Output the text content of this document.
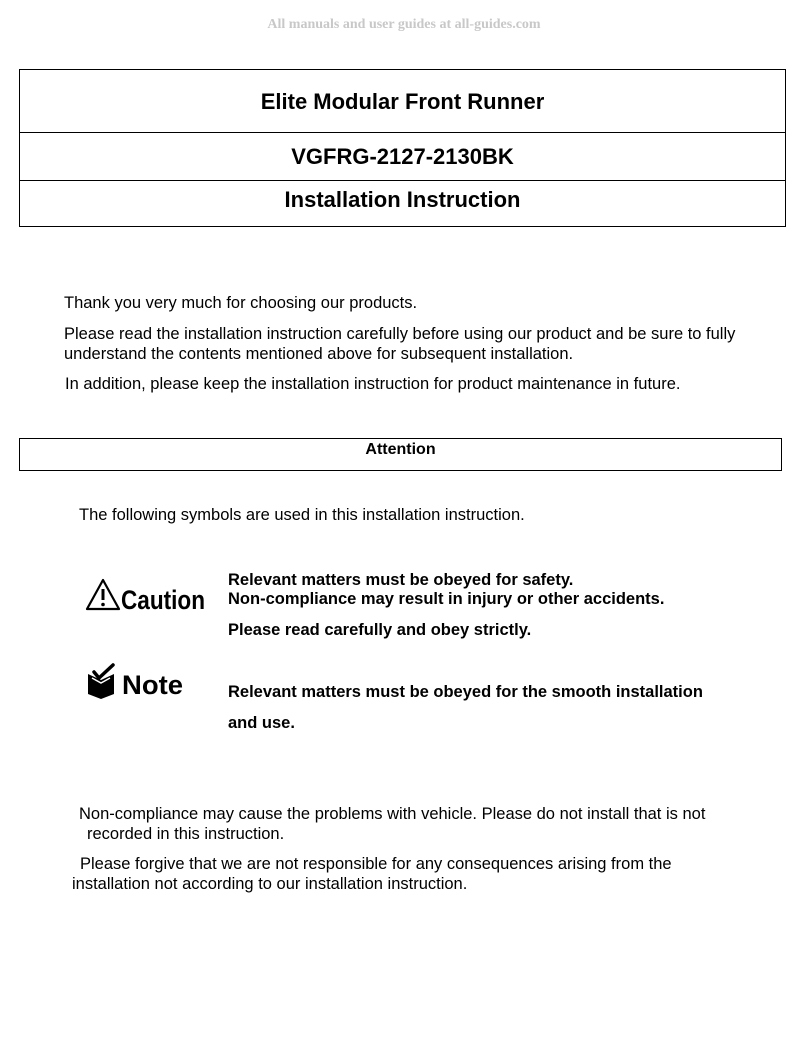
All manuals and user guides at all-guides.com
Elite Modular Front Runner
VGFRG-2127-2130BK
Installation Instruction
Thank you very much for choosing our products.
Please read the installation instruction carefully before using our product and be sure to fully understand the contents mentioned above for subsequent installation.
In addition, please keep the installation instruction for product maintenance in future.
Attention
The following symbols are used in this installation instruction.
Caution
Relevant matters must be obeyed for safety.
Non-compliance may result in injury or other accidents.
Please read carefully and obey strictly.
Note	Relevant matters must be obeyed for the smooth installation
and use.
Non-compliance may cause the problems with vehicle. Please do not install that is not
recorded in this instruction.
Please forgive that we are not responsible for any consequences arising from the
installation not according to our installation instruction.
